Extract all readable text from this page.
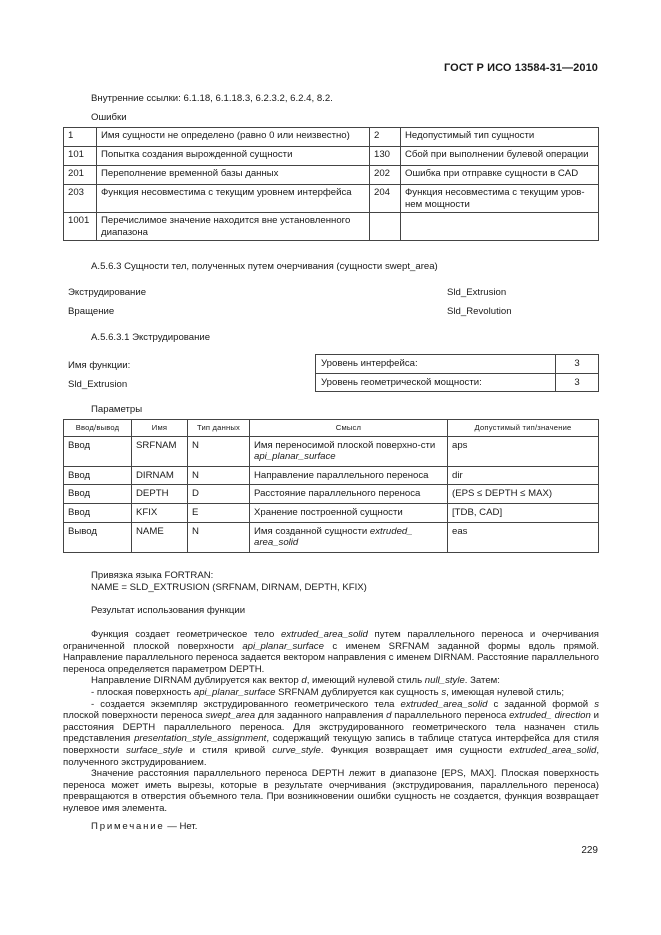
ГОСТ Р ИСО 13584-31—2010
Внутренние ссылки: 6.1.18, 6.1.18.3, 6.2.3.2, 6.2.4, 8.2.
Ошибки
1	Имя сущности не определено (равно 0 или неизвестно)	2	Недопустимый тип сущности
101	Попытка создания вырожденной сущности	130	Сбой при выполнении булевой операции
201	Переполнение временной базы данных	202	Ошибка при отправке сущности в CAD
203	Функция несовместима с текущим уровнем интерфейса	204	Функция несовместима с текущим уров-нем мощности
1001	Перечислимое значение находится вне установленного диапазона		
А.5.6.3 Сущности тел, полученных путем очерчивания (сущности swept_area)
Экструдирование	Sld_Extrusion
Вращение	Sld_Revolution
А.5.6.3.1 Экструдирование
Имя функции:
Sld_Extrusion
Уровень интерфейса:	3
Уровень геометрической мощности:	3
Параметры
Ввод/вывод	Имя	Тип данных	Смысл	Допустимый тип/значение
Ввод	SRFNAM	N	Имя переносимой плоской поверхно-сти api_planar_surface	aps
Ввод	DIRNAM	N	Направление параллельного переноса	dir
Ввод	DEPTH	D	Расстояние параллельного переноса	(EPS ≤ DEPTH ≤ MAX)
Ввод	KFIX	E	Хранение построенной сущности	[TDB, CAD]
Вывод	NAME	N	Имя созданной сущности extruded_ area_solid	eas
Привязка языка FORTRAN:
NAME = SLD_EXTRUSION (SRFNAM, DIRNAM, DEPTH, KFIX)
Результат использования функции
Функция создает геометрическое тело extruded_area_solid путем параллельного переноса и очерчивания ограниченной плоской поверхности api_planar_surface с именем SRFNAM заданной формы вдоль прямой. Направление параллельного переноса задается вектором направления с именем DIRNAM. Расстояние параллельного переноса определяется параметром DEPTH.
Направление DIRNAM дублируется как вектор d, имеющий нулевой стиль null_style. Затем:
- плоская поверхность api_planar_surface SRFNAM дублируется как сущность s, имеющая нулевой стиль;
- создается экземпляр экструдированного геометрического тела extruded_area_solid с заданной формой s плоской поверхности переноса swept_area для заданного направления d параллельного переноса extruded_ direction и расстояния DEPTH параллельного переноса. Для экструдированного геометрического тела назначен стиль представления presentation_style_assignment, содержащий текущую запись в таблице статуса интерфейса для стиля поверхности surface_style и стиля кривой curve_style. Функция возвращает имя сущности extruded_area_solid, полученного экструдированием.
Значение расстояния параллельного переноса DEPTH лежит в диапазоне [EPS, MAX]. Плоская поверхность переноса может иметь вырезы, которые в результате очерчивания (экструдирования, параллельного переноса) превращаются в отверстия объемного тела. При возникновении ошибки сущность не создается, функция возвращает нулевое имя элемента.
Примечание — Нет.
229
